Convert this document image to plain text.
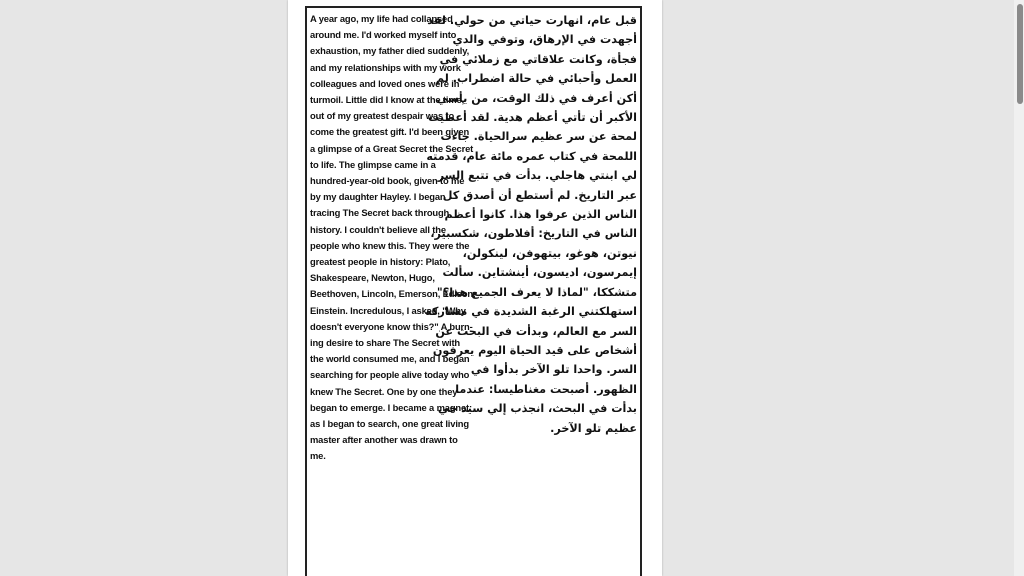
A year ago, my life had collapsed
around me. I'd worked myself into
exhaustion, my father died suddenly,
and my relationships with my work
colleagues and loved ones were in
turmoil. Little did I know at the time,
out of my greatest despair was to
come the greatest gift. I'd been given
a glimpse of a Great Secret the Secret
to life. The glimpse came in a
hundred-year-old book, given to me
by my daughter Hayley. I began
tracing The Secret back through
history. I couldn't believe all the
people who knew this. They were the
greatest people in history: Plato,
Shakespeare, Newton, Hugo,
Beethoven, Lincoln, Emerson, Edison,
Einstein. Incredulous, I asked, "Why
doesn't everyone know this?" A burn-
ing desire to share The Secret with
the world consumed me, and I began
searching for people alive today who
knew The Secret. One by one they
began to emerge. I became a magnet:
as I began to search, one great living
master after another was drawn to
me.
قبل عام، انهارت حياتي من حولي. لقد
أجهدت في الإرهاق، وتوفي والدي
فجأة، وكانت علاقاتي مع زملائي في
العمل وأحبائي في حالة اضطراب. لم
أكن أعرف في ذلك الوقت، من يأسي
الأكبر أن تأتي أعظم هدية. لقد أعطيت
لمحة عن سر عظيم سرالحياة. جاءت
اللمحة في كتاب عمره مائة عام، قدمته
لي ابنتي هاجلي. بدأت في تتبع السر
عبر التاريخ. لم أستطع أن أصدق كل
الناس الذين عرفوا هذا. كانوا أعظم
الناس في التاريخ: أفلاطون، شكسبير،
نيوتن، هوغو، بيتهوفن، لينكولن،
إيمرسون، اديسون، أينشتاين. سألت
متشككا، "لماذا لا يعرف الجميع هذا؟"
استهلكتني الرغبة الشديدة في مشاركة
السر مع العالم، وبدأت في البحث عن
أشخاص على قيد الحياة اليوم يعرفون
السر. واحدا تلو الآخر بدأوا في
الظهور. أصبحت مغناطيسا: عندما
بدأت في البحث، انجذب إلي سيد حي
عظيم تلو الآخر.
